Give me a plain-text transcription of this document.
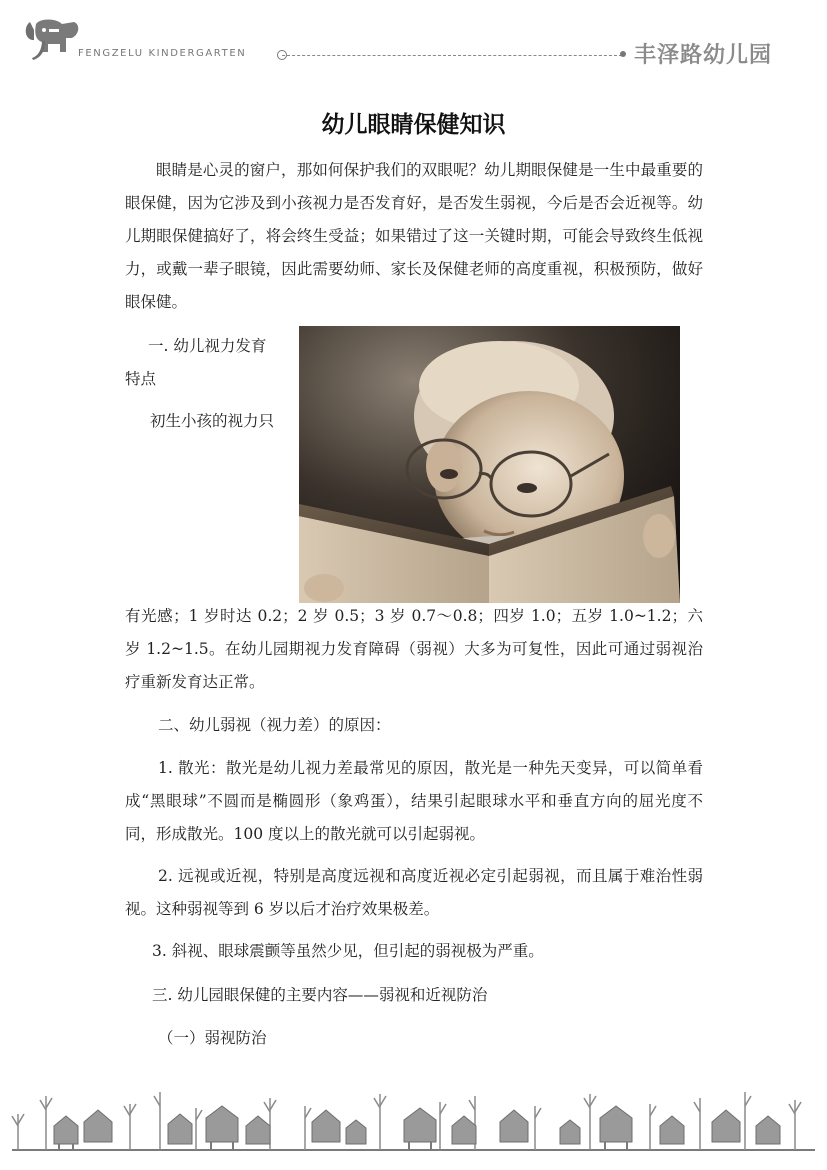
FENGZELU KINDERGARTEN	丰泽路幼儿园
幼儿眼睛保健知识

眼睛是心灵的窗户，那如何保护我们的双眼呢？幼儿期眼保健是一生中最重要的眼保健，因为它涉及到小孩视力是否发育好，是否发生弱视，今后是否会近视等。幼儿期眼保健搞好了，将会终生受益；如果错过了这一关键时期，可能会导致终生低视力，或戴一辈子眼镜，因此需要幼师、家长及保健老师的高度重视，积极预防，做好眼保健。

一. 幼儿视力发育
特点
初生小孩的视力只

有光感；1 岁时达 0.2；2 岁 0.5；3 岁 0.7～0.8；四岁 1.0；五岁 1.0~1.2；六岁 1.2~1.5。在幼儿园期视力发育障碍（弱视）大多为可复性，因此可通过弱视治疗重新发育达正常。

二、幼儿弱视（视力差）的原因：

1. 散光：散光是幼儿视力差最常见的原因，散光是一种先天变异，可以简单看成“黑眼球”不圆而是椭圆形（象鸡蛋），结果引起眼球水平和垂直方向的屈光度不同，形成散光。100 度以上的散光就可以引起弱视。

2. 远视或近视，特别是高度远视和高度近视必定引起弱视，而且属于难治性弱视。这种弱视等到 6 岁以后才治疗效果极差。

3. 斜视、眼球震颤等虽然少见，但引起的弱视极为严重。

三. 幼儿园眼保健的主要内容——弱视和近视防治

（一）弱视防治
